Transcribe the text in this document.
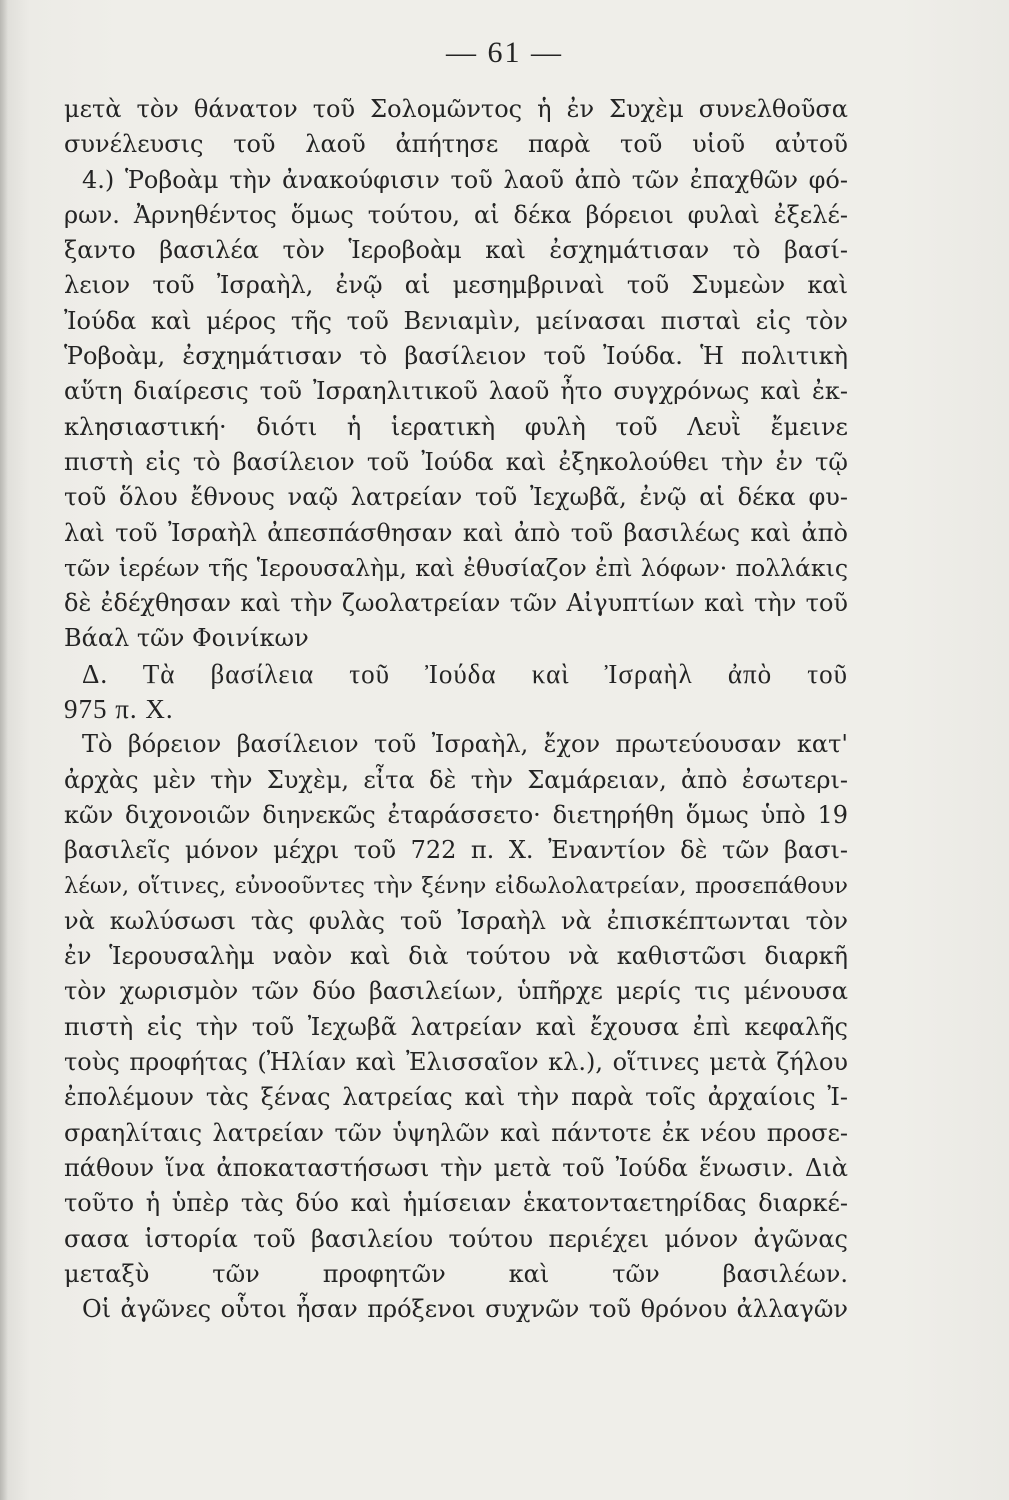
— 61 —
μετὰ τὸν θάνατον τοῦ Σολομῶντος ἡ ἐν Συχὲμ συνελθοῦσα
συνέλευσις τοῦ λαοῦ ἀπήτησε παρὰ τοῦ υἱοῦ αὐτοῦ
4.) Ῥοβοὰμ τὴν ἀνακούφισιν τοῦ λαοῦ ἀπὸ τῶν ἐπαχθῶν φό-
ρων. Ἀρνηθέντος ὅμως τούτου, αἱ δέκα βόρειοι φυλαὶ ἐξελέ-
ξαντο βασιλέα τὸν Ἱεροβοὰμ καὶ ἐσχημάτισαν τὸ βασί-
λειον τοῦ Ἰσραὴλ, ἐνῷ αἱ μεσημβριναὶ τοῦ Συμεὼν καὶ
Ἰούδα καὶ μέρος τῆς τοῦ Βενιαμὶν, μείνασαι πισταὶ εἰς τὸν
Ῥοβοὰμ, ἐσχημάτισαν τὸ βασίλειον τοῦ Ἰούδα. Ἡ πολιτικὴ
αὕτη διαίρεσις τοῦ Ἰσραηλιτικοῦ λαοῦ ἦτο συγχρόνως καὶ ἐκ-
κλησιαστική· διότι ἡ ἱερατικὴ φυλὴ τοῦ Λευῒ ἔμεινε
πιστὴ εἰς τὸ βασίλειον τοῦ Ἰούδα καὶ ἐξηκολούθει τὴν ἐν τῷ
τοῦ ὅλου ἔθνους ναῷ λατρείαν τοῦ Ἰεχωβᾶ, ἐνῷ αἱ δέκα φυ-
λαὶ τοῦ Ἰσραὴλ ἀπεσπάσθησαν καὶ ἀπὸ τοῦ βασιλέως καὶ ἀπὸ
τῶν ἱερέων τῆς Ἱερουσαλὴμ, καὶ ἐθυσίαζον ἐπὶ λόφων· πολλάκις
δὲ ἐδέχθησαν καὶ τὴν ζωολατρείαν τῶν Αἰγυπτίων καὶ τὴν τοῦ
Βάαλ τῶν Φοινίκων
Δ. Τὰ βασίλεια τοῦ Ἰούδα καὶ Ἰσραὴλ ἀπὸ τοῦ
975 π. Χ.
Τὸ βόρειον βασίλειον τοῦ Ἰσραὴλ, ἔχον πρωτεύουσαν κατ'
ἀρχὰς μὲν τὴν Συχὲμ, εἶτα δὲ τὴν Σαμάρειαν, ἀπὸ ἐσωτερι-
κῶν διχονοιῶν διηνεκῶς ἐταράσσετο· διετηρήθη ὅμως ὑπὸ 19
βασιλεῖς μόνον μέχρι τοῦ 722 π. Χ. Ἐναντίον δὲ τῶν βασι-
λέων, οἵτινες, εὐνοοῦντες τὴν ξένην εἰδωλολατρείαν, προσεπάθουν
νὰ κωλύσωσι τὰς φυλὰς τοῦ Ἰσραὴλ νὰ ἐπισκέπτωνται τὸν
ἐν Ἱερουσαλὴμ ναὸν καὶ διὰ τούτου νὰ καθιστῶσι διαρκῆ
τὸν χωρισμὸν τῶν δύο βασιλείων, ὑπῆρχε μερίς τις μένουσα
πιστὴ εἰς τὴν τοῦ Ἰεχωβᾶ λατρείαν καὶ ἔχουσα ἐπὶ κεφαλῆς
τοὺς προφήτας (Ἠλίαν καὶ Ἐλισσαῖον κλ.), οἵτινες μετὰ ζήλου
ἐπολέμουν τὰς ξένας λατρείας καὶ τὴν παρὰ τοῖς ἀρχαίοις Ἰ-
σραηλίταις λατρείαν τῶν ὑψηλῶν καὶ πάντοτε ἐκ νέου προσε-
πάθουν ἵνα ἀποκαταστήσωσι τὴν μετὰ τοῦ Ἰούδα ἕνωσιν. Διὰ
τοῦτο ἡ ὑπὲρ τὰς δύο καὶ ἡμίσειαν ἑκατονταετηρίδας διαρκέ-
σασα ἱστορία τοῦ βασιλείου τούτου περιέχει μόνον ἀγῶνας
μεταξὺ τῶν προφητῶν καὶ τῶν βασιλέων.
Οἱ ἀγῶνες οὗτοι ἦσαν πρόξενοι συχνῶν τοῦ θρόνου ἀλλαγῶν
